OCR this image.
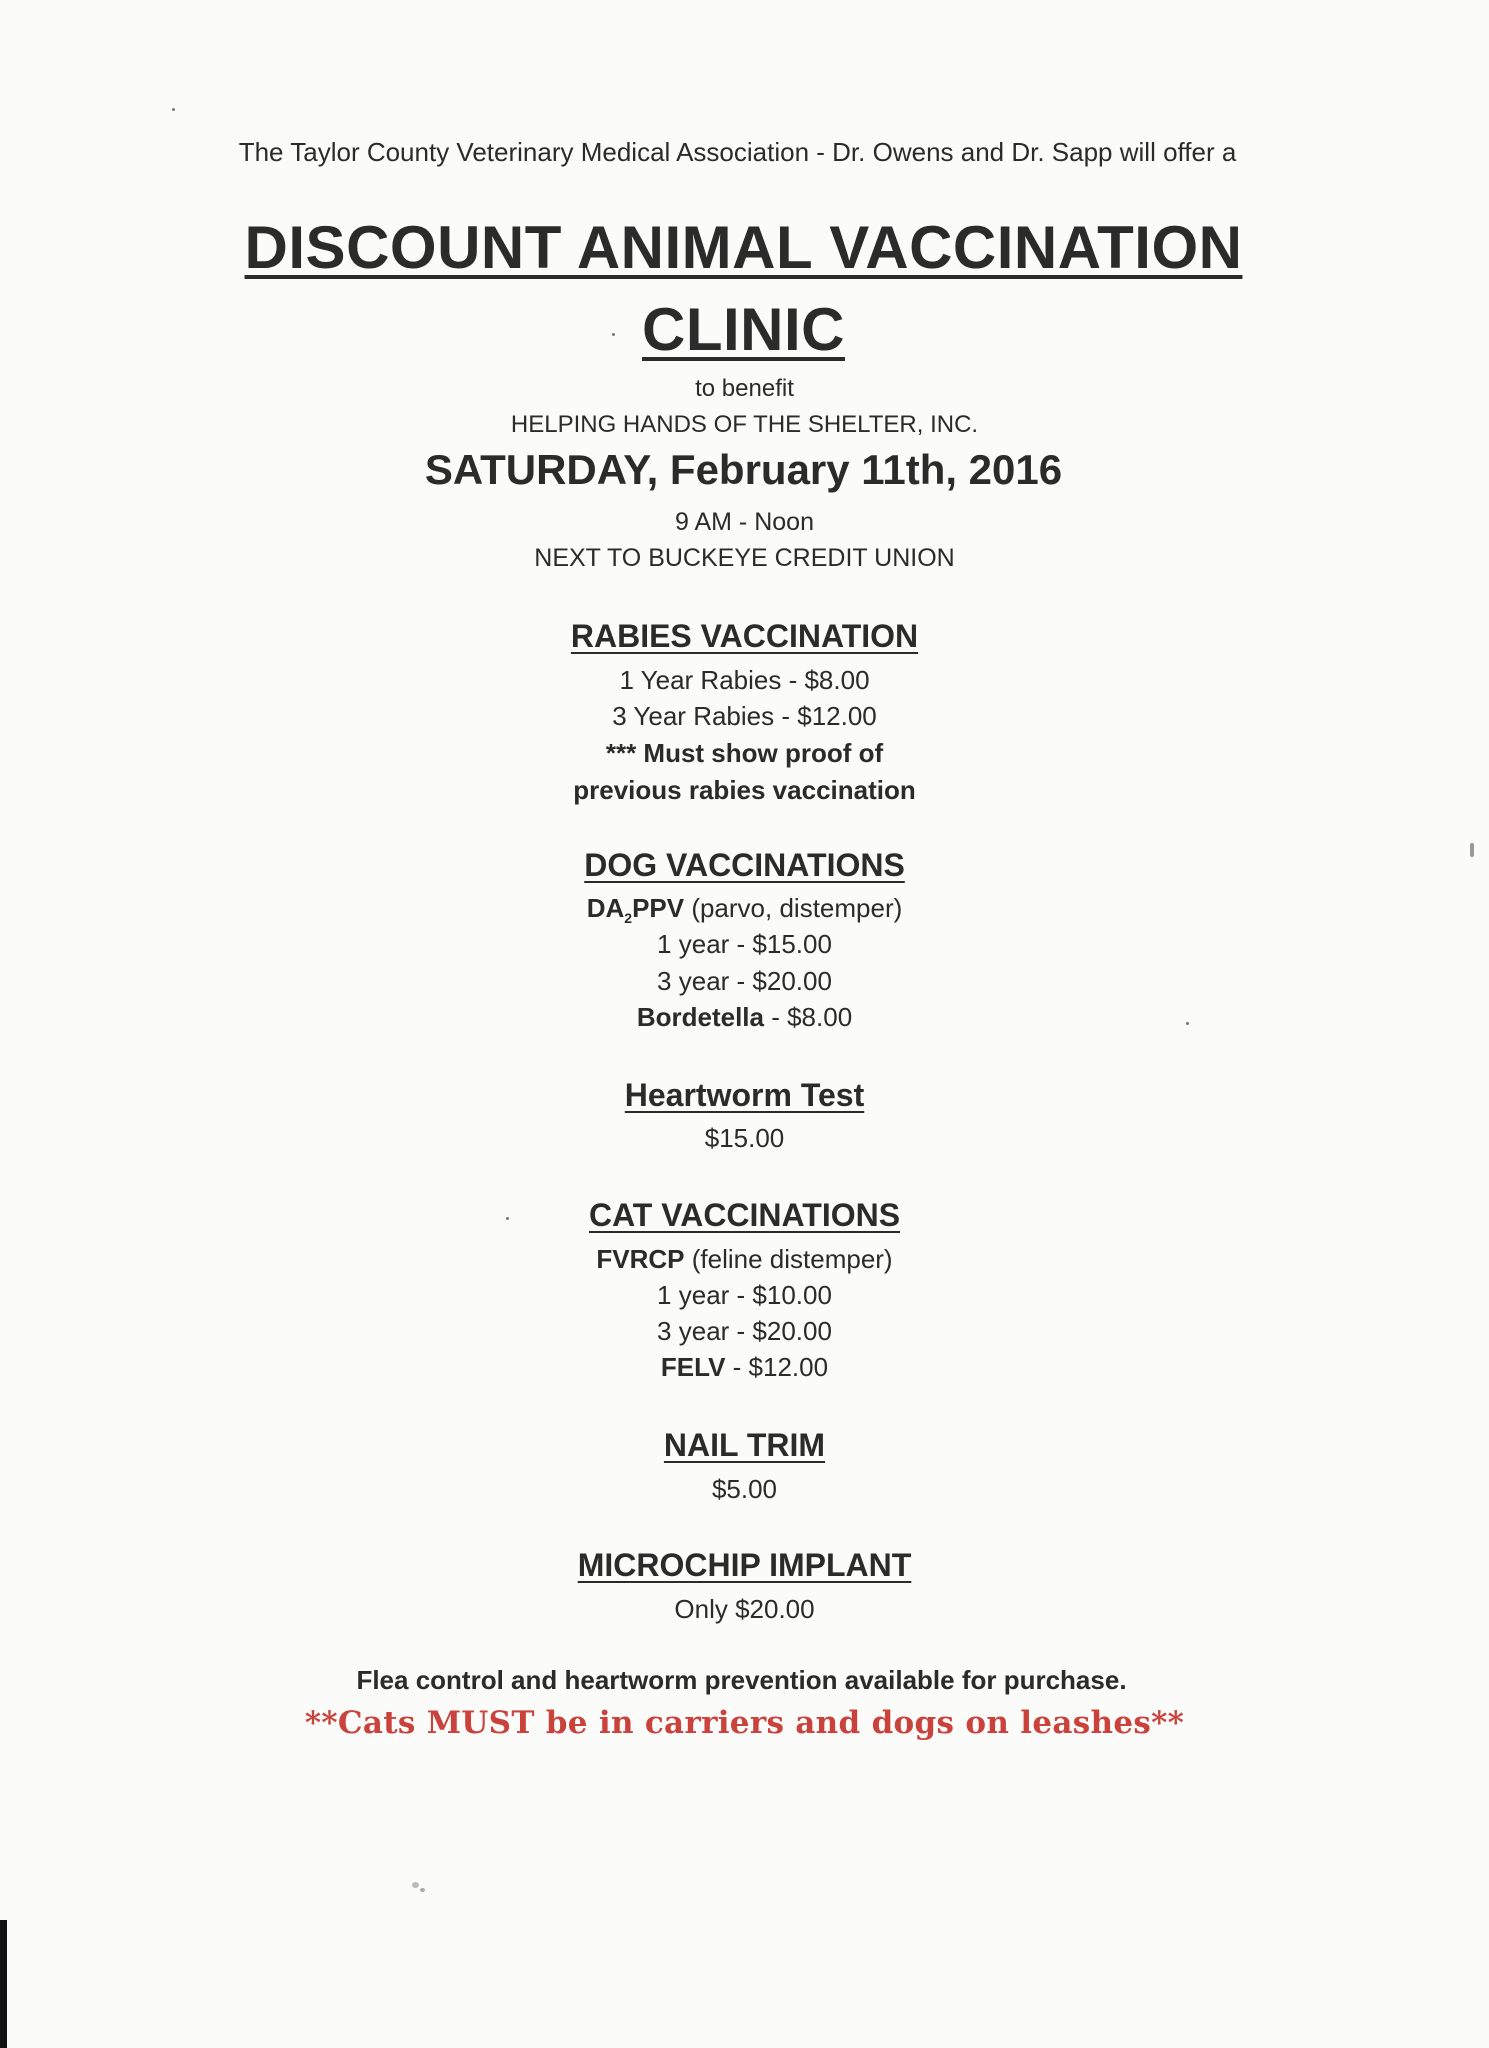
The Taylor County Veterinary Medical Association - Dr. Owens and Dr. Sapp will offer a
DISCOUNT ANIMAL VACCINATION
CLINIC
to benefit
HELPING HANDS OF THE SHELTER, INC.
SATURDAY, February 11th, 2016
9 AM - Noon
NEXT TO BUCKEYE CREDIT UNION
RABIES VACCINATION
1 Year Rabies - $8.00
3 Year Rabies - $12.00
*** Must show proof of
previous rabies vaccination
DOG VACCINATIONS
$DA_2PPV$ (parvo, distemper)
1 year - $15.00
3 year - $20.00
Bordetella - $8.00
Heartworm Test
$15.00
CAT VACCINATIONS
FVRCP (feline distemper)
1 year - $10.00
3 year - $20.00
FELV - $12.00
NAIL TRIM
$5.00
MICROCHIP IMPLANT
Only $20.00
Flea control and heartworm prevention available for purchase.
**Cats MUST be in carriers and dogs on leashes**
